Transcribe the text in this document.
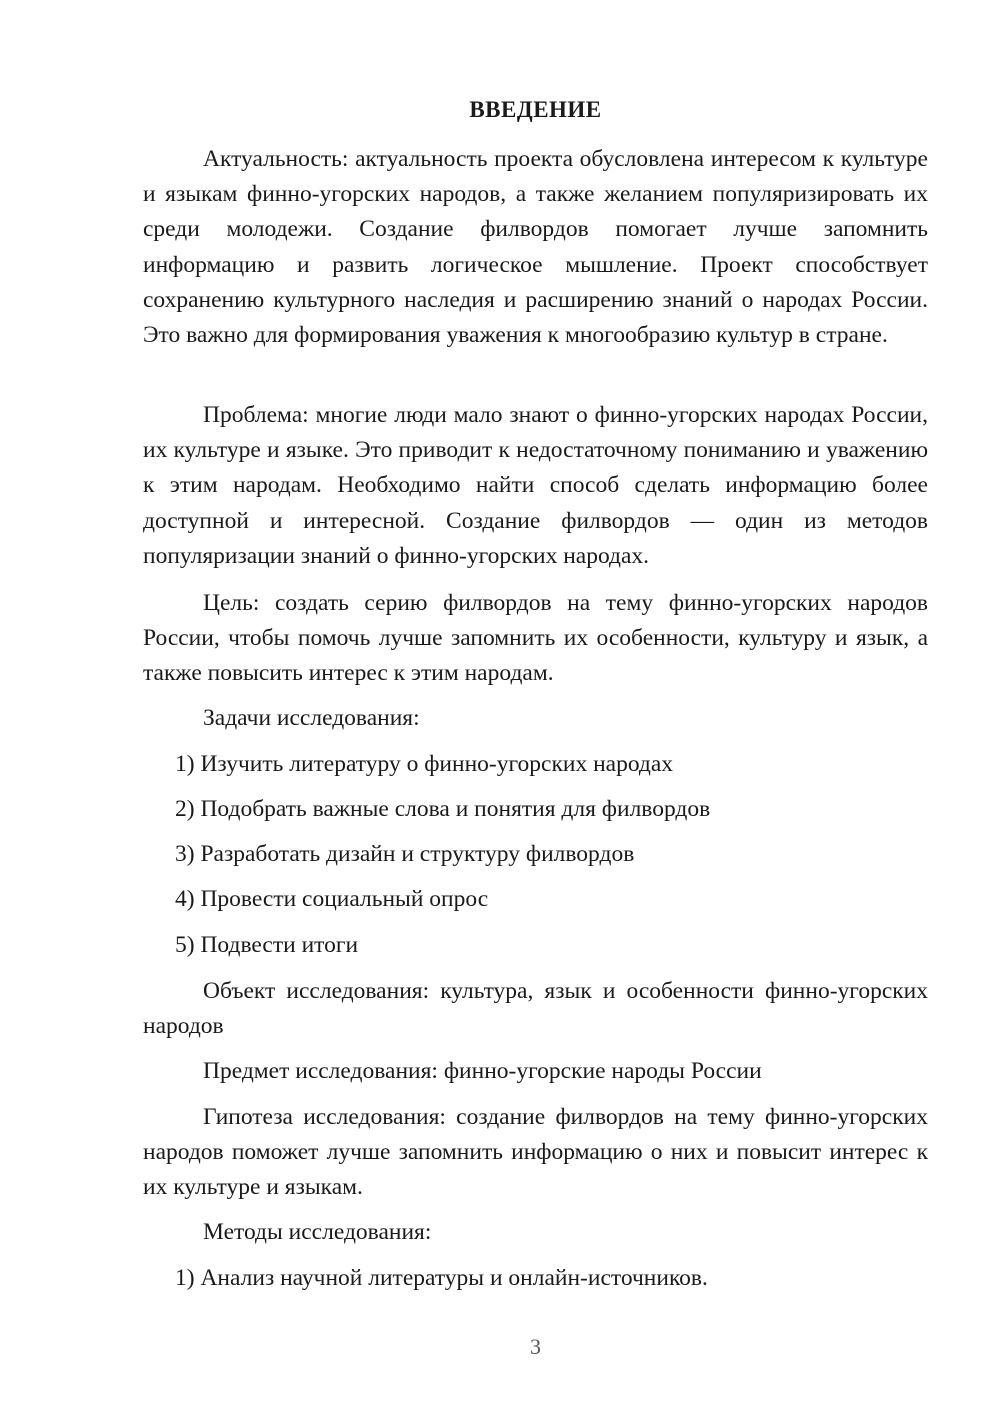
ВВЕДЕНИЕ

Актуальность: актуальность проекта обусловлена интересом к культуре и языкам финно-угорских народов, а также желанием популяризировать их среди молодежи. Создание филвордов помогает лучше запомнить информацию и развить логическое мышление. Проект способствует сохранению культурного наследия и расширению знаний о народах России. Это важно для формирования уважения к многообразию культур в стране.

Проблема: многие люди мало знают о финно-угорских народах России, их культуре и языке. Это приводит к недостаточному пониманию и уважению к этим народам. Необходимо найти способ сделать информацию более доступной и интересной. Создание филвордов — один из методов популяризации знаний о финно-угорских народах.

Цель: создать серию филвордов на тему финно-угорских народов России, чтобы помочь лучше запомнить их особенности, культуру и язык, а также повысить интерес к этим народам.

Задачи исследования:
1) Изучить литературу о финно-угорских народах
2) Подобрать важные слова и понятия для филвордов
3) Разработать дизайн и структуру филвордов
4) Провести социальный опрос
5) Подвести итоги

Объект исследования: культура, язык и особенности финно-угорских народов

Предмет исследования: финно-угорские народы России

Гипотеза исследования: создание филвордов на тему финно-угорских народов поможет лучше запомнить информацию о них и повысит интерес к их культуре и языкам.

Методы исследования:
1) Анализ научной литературы и онлайн-источников.
3
